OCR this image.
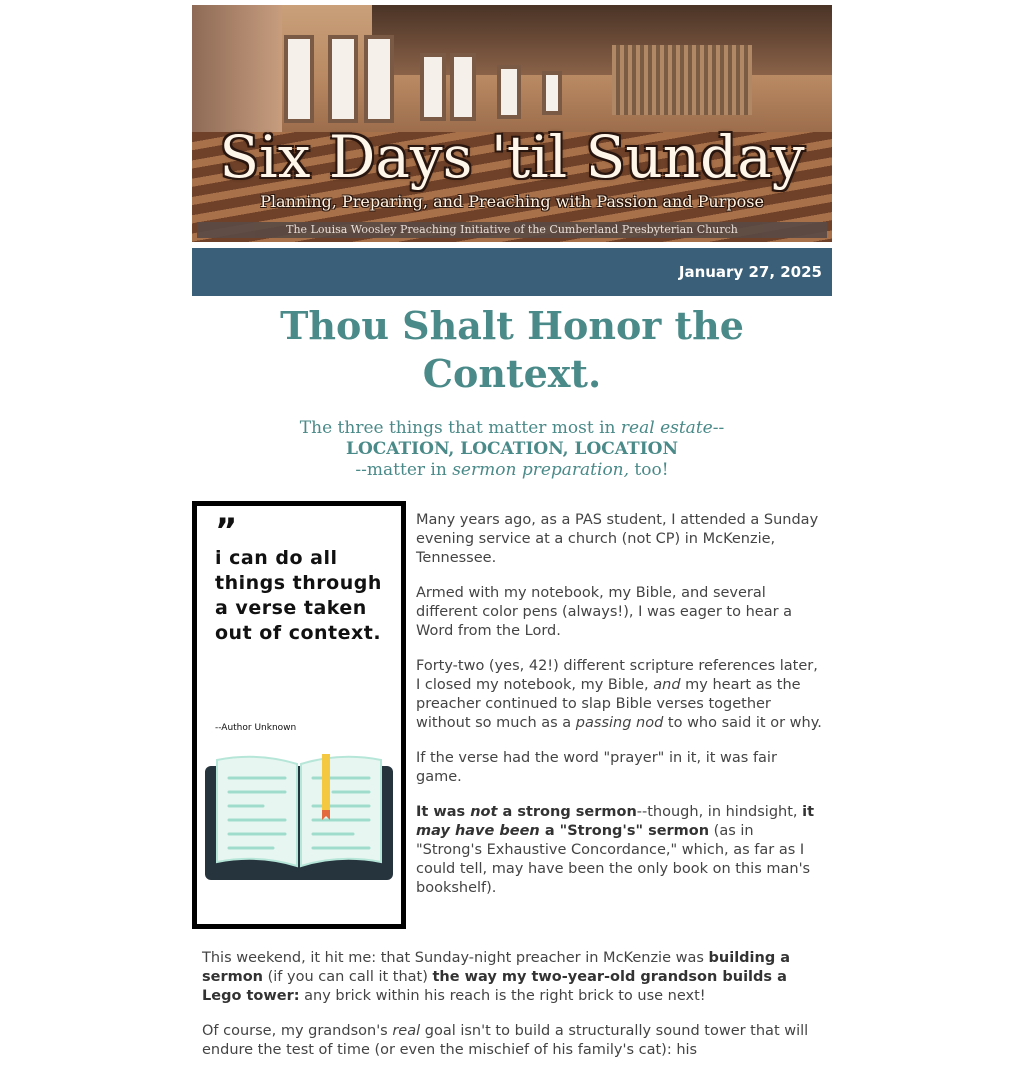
Six Days 'til Sunday
Planning, Preparing, and Preaching with Passion and Purpose
The Louisa Woosley Preaching Initiative of the Cumberland Presbyterian Church
January 27, 2025
Thou Shalt Honor the Context.
The three things that matter most in real estate--
LOCATION, LOCATION, LOCATION
--matter in sermon preparation, too!
”
i can do all things through a verse taken out of context.
--Author Unknown

Many years ago, as a PAS student, I attended a Sunday evening service at a church (not CP) in McKenzie, Tennessee.

Armed with my notebook, my Bible, and several different color pens (always!), I was eager to hear a Word from the Lord.

Forty-two (yes, 42!) different scripture references later, I closed my notebook, my Bible, and my heart as the preacher continued to slap Bible verses together without so much as a passing nod to who said it or why.

If the verse had the word "prayer" in it, it was fair game.

It was not a strong sermon--though, in hindsight, it may have been a "Strong's" sermon (as in "Strong's Exhaustive Concordance," which, as far as I could tell, may have been the only book on this man's bookshelf).

This weekend, it hit me: that Sunday-night preacher in McKenzie was building a sermon (if you can call it that) the way my two-year-old grandson builds a Lego tower: any brick within his reach is the right brick to use next!

Of course, my grandson's real goal isn't to build a structurally sound tower that will endure the test of time (or even the mischief of his family's cat): his
